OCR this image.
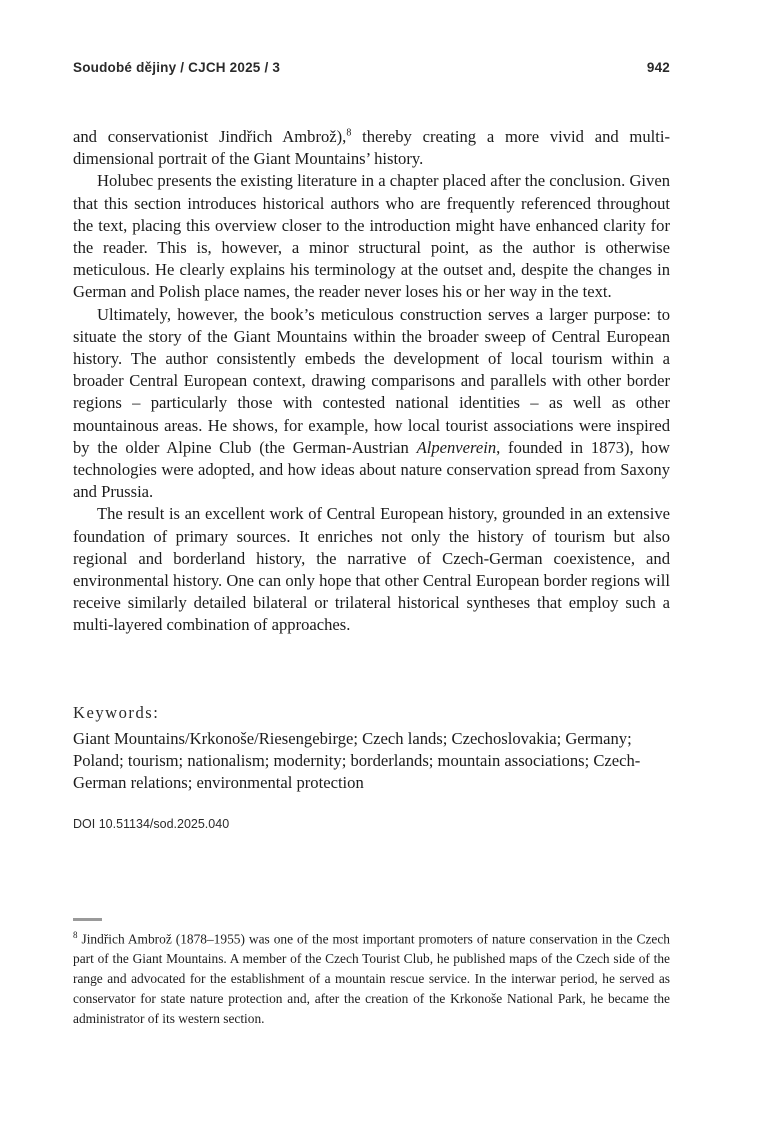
Soudobé dějiny / CJCH 2025 / 3	942

and conservationist Jindřich Ambrož),$^8$ thereby creating a more vivid and multi-dimensional portrait of the Giant Mountains’ history.

Holubec presents the existing literature in a chapter placed after the conclusion. Given that this section introduces historical authors who are frequently referenced throughout the text, placing this overview closer to the introduction might have enhanced clarity for the reader. This is, however, a minor structural point, as the author is otherwise meticulous. He clearly explains his terminology at the outset and, despite the changes in German and Polish place names, the reader never loses his or her way in the text.

Ultimately, however, the book’s meticulous construction serves a larger purpose: to situate the story of the Giant Mountains within the broader sweep of Central European history. The author consistently embeds the development of local tourism within a broader Central European context, drawing comparisons and parallels with other border regions – particularly those with contested national identities – as well as other mountainous areas. He shows, for example, how local tourist associations were inspired by the older Alpine Club (the German-Austrian Alpenverein, founded in 1873), how technologies were adopted, and how ideas about nature conservation spread from Saxony and Prussia.

The result is an excellent work of Central European history, grounded in an extensive foundation of primary sources. It enriches not only the history of tourism but also regional and borderland history, the narrative of Czech-German coexistence, and environmental history. One can only hope that other Central European border regions will receive similarly detailed bilateral or trilateral historical syntheses that employ such a multi-layered combination of approaches.

Keywords:
Giant Mountains/Krkonoše/Riesengebirge; Czech lands; Czechoslovakia; Germany; Poland; tourism; nationalism; modernity; borderlands; mountain associations; Czech-German relations; environmental protection
DOI 10.51134/sod.2025.040
$^8$ Jindřich Ambrož (1878–1955) was one of the most important promoters of nature conservation in the Czech part of the Giant Mountains. A member of the Czech Tourist Club, he published maps of the Czech side of the range and advocated for the establishment of a mountain rescue service. In the interwar period, he served as conservator for state nature protection and, after the creation of the Krkonoše National Park, he became the administrator of its western section.
